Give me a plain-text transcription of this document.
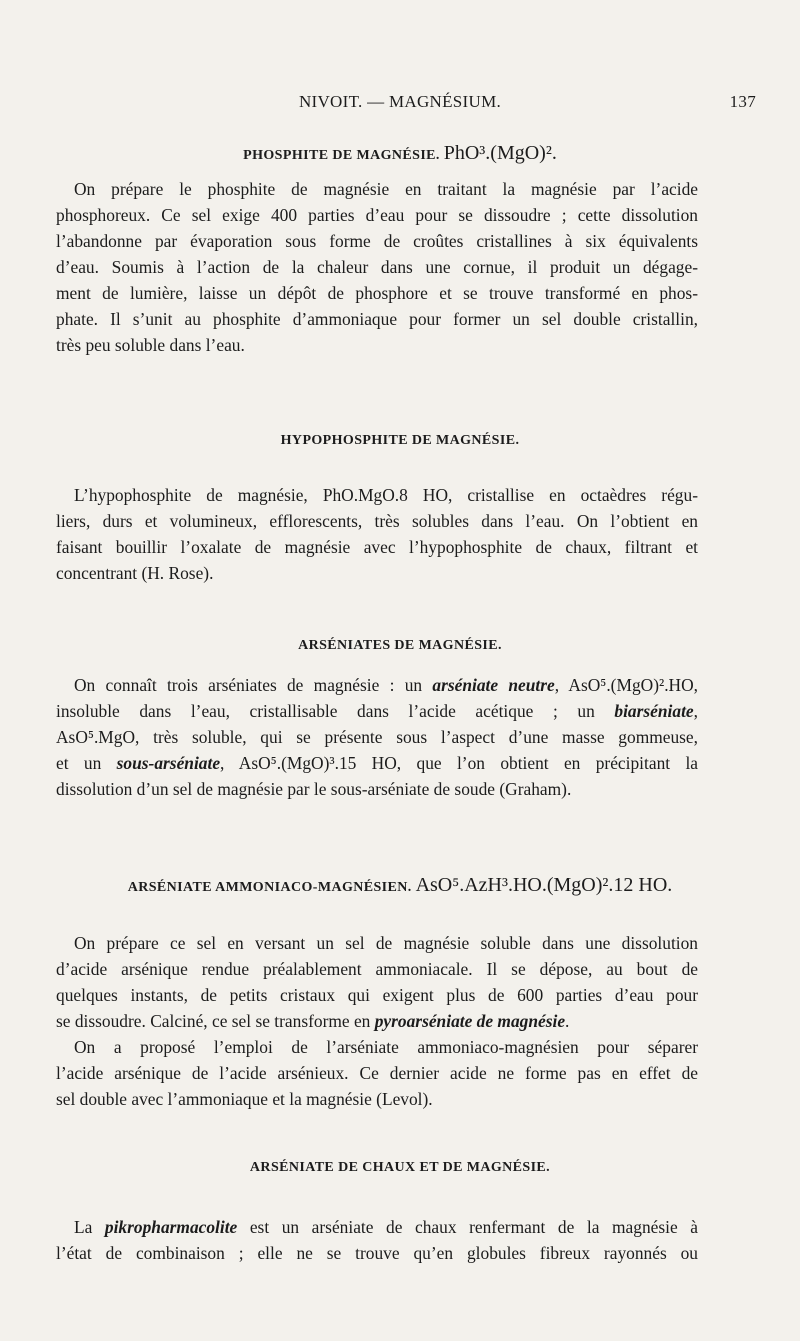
NIVOIT. — MAGNÉSIUM.	137
PHOSPHITE DE MAGNÉSIE. PhO³.(MgO)².
On prépare le phosphite de magnésie en traitant la magnésie par l’acide
phosphoreux. Ce sel exige 400 parties d’eau pour se dissoudre ; cette dissolution
l’abandonne par évaporation sous forme de croûtes cristallines à six équivalents
d’eau. Soumis à l’action de la chaleur dans une cornue, il produit un dégage-
ment de lumière, laisse un dépôt de phosphore et se trouve transformé en phos-
phate. Il s’unit au phosphite d’ammoniaque pour former un sel double cristallin,
très peu soluble dans l’eau.
HYPOPHOSPHITE DE MAGNÉSIE.
L’hypophosphite de magnésie, PhO.MgO.8 HO, cristallise en octaèdres régu-
liers, durs et volumineux, efflorescents, très solubles dans l’eau. On l’obtient en
faisant bouillir l’oxalate de magnésie avec l’hypophosphite de chaux, filtrant et
concentrant (H. Rose).
ARSÉNIATES DE MAGNÉSIE.
On connaît trois arséniates de magnésie : un arséniate neutre, AsO⁵.(MgO)².HO,
insoluble dans l’eau, cristallisable dans l’acide acétique ; un biarséniate,
AsO⁵.MgO, très soluble, qui se présente sous l’aspect d’une masse gommeuse,
et un sous-arséniate, AsO⁵.(MgO)³.15 HO, que l’on obtient en précipitant la
dissolution d’un sel de magnésie par le sous-arséniate de soude (Graham).
ARSÉNIATE AMMONIACO-MAGNÉSIEN. AsO⁵.AzH³.HO.(MgO)².12 HO.
On prépare ce sel en versant un sel de magnésie soluble dans une dissolution
d’acide arsénique rendue préalablement ammoniacale. Il se dépose, au bout de
quelques instants, de petits cristaux qui exigent plus de 600 parties d’eau pour
se dissoudre. Calciné, ce sel se transforme en pyroarséniate de magnésie.
On a proposé l’emploi de l’arséniate ammoniaco-magnésien pour séparer
l’acide arsénique de l’acide arsénieux. Ce dernier acide ne forme pas en effet de
sel double avec l’ammoniaque et la magnésie (Levol).
ARSÉNIATE DE CHAUX ET DE MAGNÉSIE.
La pikropharmacolite est un arséniate de chaux renfermant de la magnésie à
l’état de combinaison ; elle ne se trouve qu’en globules fibreux rayonnés ou
